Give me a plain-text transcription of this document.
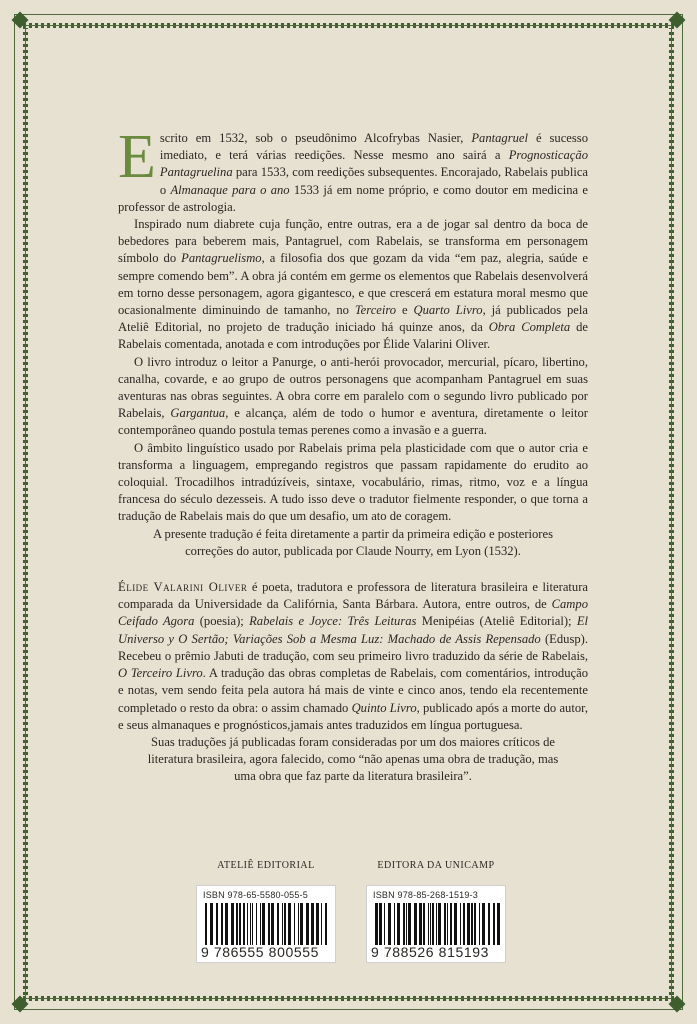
Escrito em 1532, sob o pseudônimo Alcofrybas Nasier, Pantagruel é sucesso imediato, e terá várias reedições. Nesse mesmo ano sairá a Prognosticação Pantagruelina para 1533, com reedições subsequentes. Encorajado, Rabelais publica o Almanaque para o ano 1533 já em nome próprio, e como doutor em medicina e professor de astrologia.

Inspirado num diabrete cuja função, entre outras, era a de jogar sal dentro da boca de bebedores para beberem mais, Pantagruel, com Rabelais, se transforma em personagem símbolo do Pantagruelismo, a filosofia dos que gozam da vida “em paz, alegria, saúde e sempre comendo bem”. A obra já contém em germe os elementos que Rabelais desenvolverá em torno desse personagem, agora gigantesco, e que crescerá em estatura moral mesmo que ocasionalmente diminuindo de tamanho, no Terceiro e Quarto Livro, já publicados pela Ateliê Editorial, no projeto de tradução iniciado há quinze anos, da Obra Completa de Rabelais comentada, anotada e com introduções por Élide Valarini Oliver.

O livro introduz o leitor a Panurge, o anti-herói provocador, mercurial, pícaro, libertino, canalha, covarde, e ao grupo de outros personagens que acompanham Pantagruel em suas aventuras nas obras seguintes. A obra corre em paralelo com o segundo livro publicado por Rabelais, Gargantua, e alcança, além de todo o humor e aventura, diretamente o leitor contemporâneo quando postula temas perenes como a invasão e a guerra.

O âmbito linguístico usado por Rabelais prima pela plasticidade com que o autor cria e transforma a linguagem, empregando registros que passam rapidamente do erudito ao coloquial. Trocadilhos intradúzíveis, sintaxe, vocabulário, rimas, ritmo, voz e a língua francesa do século dezesseis. A tudo isso deve o tradutor fielmente responder, o que torna a tradução de Rabelais mais do que um desafio, um ato de coragem.

A presente tradução é feita diretamente a partir da primeira edição e posteriores correções do autor, publicada por Claude Nourry, em Lyon (1532).

Élide Valarini Oliver é poeta, tradutora e professora de literatura brasileira e literatura comparada da Universidade da Califórnia, Santa Bárbara. Autora, entre outros, de Campo Ceifado Agora (poesia); Rabelais e Joyce: Três Leituras Menipéias (Ateliê Editorial); El Universo y O Sertão; Variações Sob a Mesma Luz: Machado de Assis Repensado (Edusp). Recebeu o prêmio Jabuti de tradução, com seu primeiro livro traduzido da série de Rabelais, O Terceiro Livro. A tradução das obras completas de Rabelais, com comentários, introdução e notas, vem sendo feita pela autora há mais de vinte e cinco anos, tendo ela recentemente completado o resto da obra: o assim chamado Quinto Livro, publicado após a morte do autor, e seus almanaques e prognósticos,jamais antes traduzidos em língua portuguesa.

Suas traduções já publicadas foram consideradas por um dos maiores críticos de literatura brasileira, agora falecido, como “não apenas uma obra de tradução, mas uma obra que faz parte da literatura brasileira”.

ATELIÊ EDITORIAL
ISBN 978-65-5580-055-5
9 786555 800555
EDITORA DA UNICAMP
ISBN 978-85-268-1519-3
9 788526 815193
